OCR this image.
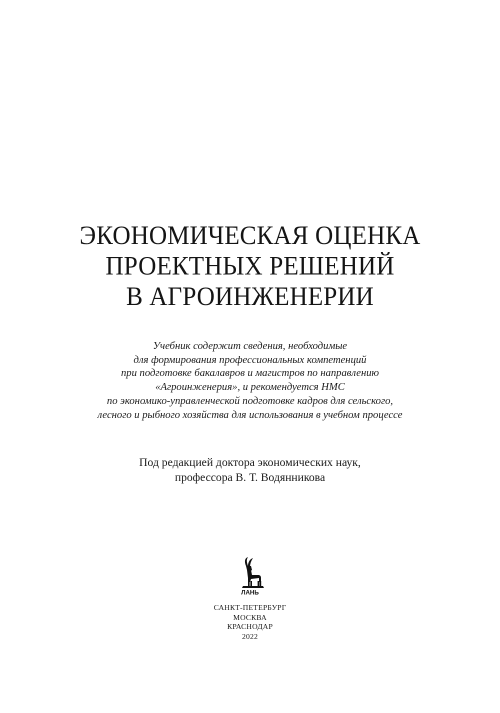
ЭКОНОМИЧЕСКАЯ ОЦЕНКА
ПРОЕКТНЫХ РЕШЕНИЙ
В АГРОИНЖЕНЕРИИ
Учебник содержит сведения, необходимые
для формирования профессиональных компетенций
при подготовке бакалавров и магистров по направлению
«Агроинженерия», и рекомендуется НМС
по экономико-управленческой подготовке кадров для сельского,
лесного и рыбного хозяйства для использования в учебном процессе
Под редакцией доктора экономических наук,
профессора В. Т. Водянникова
ЛАНЬ
САНКТ-ПЕТЕРБУРГ
МОСКВА
КРАСНОДАР
2022
